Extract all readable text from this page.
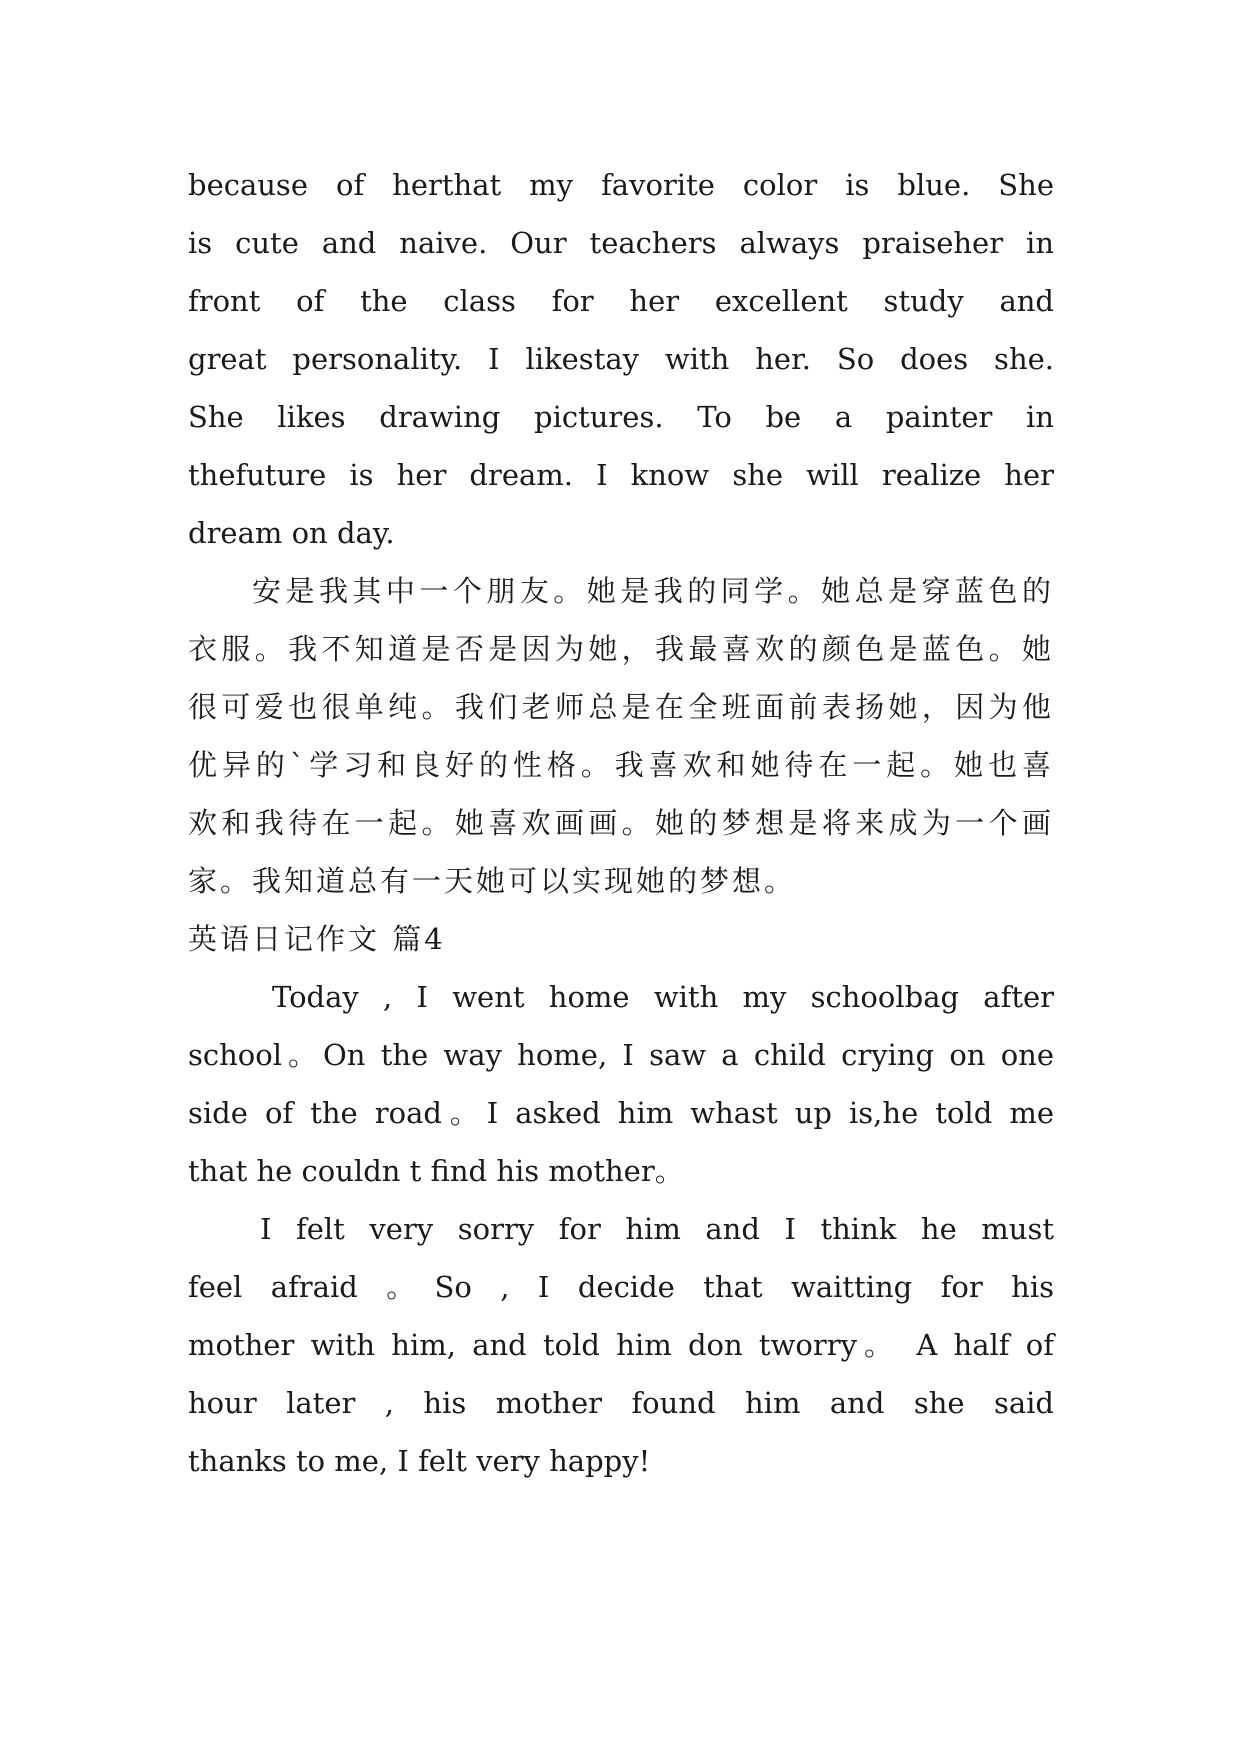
because of herthat my favorite color is blue. She
is cute and naive. Our teachers always praiseher in
front of the class for her excellent study and
great personality. I likestay with her. So does she.
She likes drawing pictures. To be a painter in
thefuture is her dream. I know she will realize her
dream on day.
安是我其中一个朋友。她是我的同学。她总是穿蓝色的
衣服。我不知道是否是因为她，我最喜欢的颜色是蓝色。她
很可爱也很单纯。我们老师总是在全班面前表扬她，因为他
优异的`学习和良好的性格。我喜欢和她待在一起。她也喜
欢和我待在一起。她喜欢画画。她的梦想是将来成为一个画
家。我知道总有一天她可以实现她的梦想。
英语日记作文 篇4
Today , I went home with my schoolbag after
school。On the way home, I saw a child crying on one
side of the road。I asked him whast up is,he told me
that he couldn t find his mother。
I felt very sorry for him and I think he must
feel afraid 。So , I decide that waitting for his
mother with him, and told him don tworry。 A half of
hour later , his mother found him and she said
thanks to me, I felt very happy!
